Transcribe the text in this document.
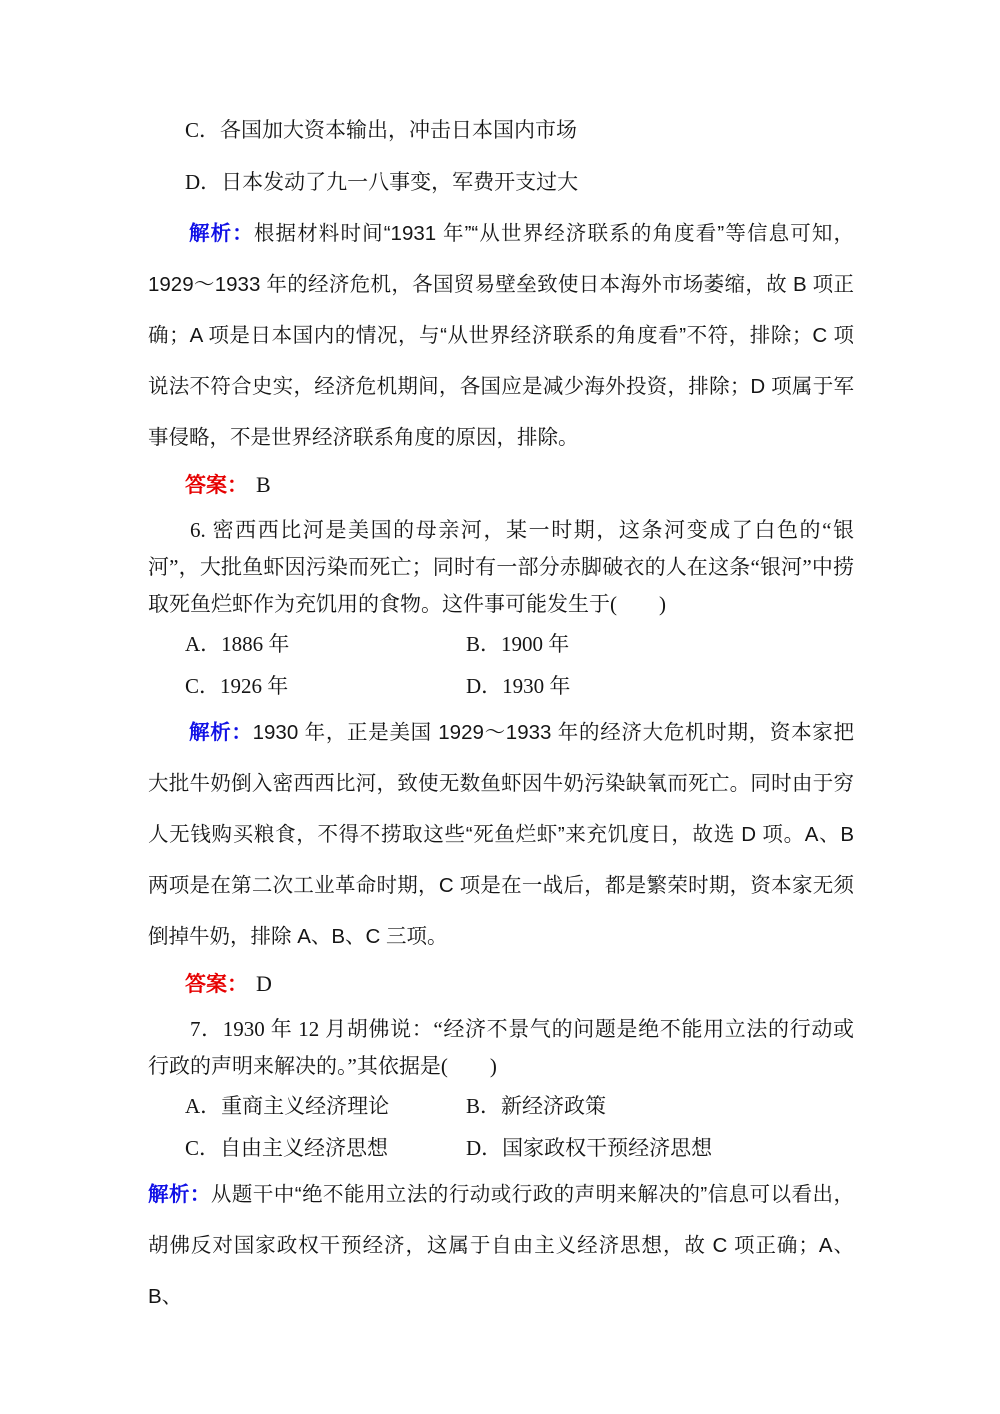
C．各国加大资本输出，冲击日本国内市场

D．日本发动了九一八事变，军费开支过大

解析：根据材料时间“1931 年”“从世界经济联系的角度看”等信息可知，1929～1933 年的经济危机，各国贸易壁垒致使日本海外市场萎缩，故 B 项正确；A 项是日本国内的情况，与“从世界经济联系的角度看”不符，排除；C 项说法不符合史实，经济危机期间，各国应是减少海外投资，排除；D 项属于军事侵略，不是世界经济联系角度的原因，排除。

答案： B

6. 密西西比河是美国的母亲河，某一时期，这条河变成了白色的“银河”，大批鱼虾因污染而死亡；同时有一部分赤脚破衣的人在这条“银河”中捞取死鱼烂虾作为充饥用的食物。这件事可能发生于(　　)

A．1886 年	B．1900 年
C．1926 年	D．1930 年

解析：1930 年，正是美国 1929～1933 年的经济大危机时期，资本家把大批牛奶倒入密西西比河，致使无数鱼虾因牛奶污染缺氧而死亡。同时由于穷人无钱购买粮食，不得不捞取这些“死鱼烂虾”来充饥度日，故选 D 项。A、B 两项是在第二次工业革命时期，C 项是在一战后，都是繁荣时期，资本家无须倒掉牛奶，排除 A、B、C 三项。

答案： D

7．1930 年 12 月胡佛说：“经济不景气的问题是绝不能用立法的行动或行政的声明来解决的。”其依据是(　　)

A．重商主义经济理论	B．新经济政策
C．自由主义经济思想	D．国家政权干预经济思想

解析：从题干中“绝不能用立法的行动或行政的声明来解决的”信息可以看出，胡佛反对国家政权干预经济，这属于自由主义经济思想，故 C 项正确；A、B、
